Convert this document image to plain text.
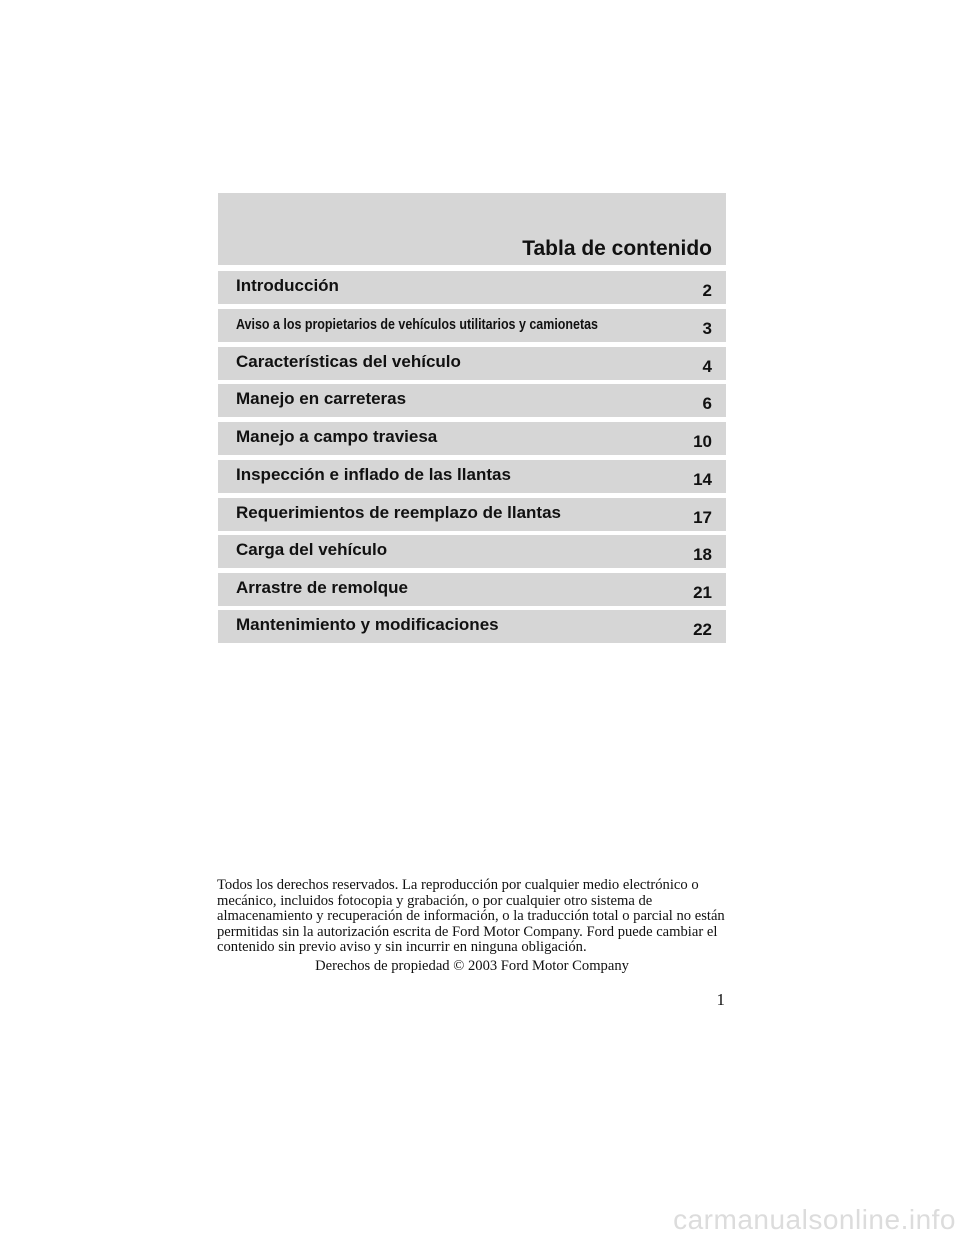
Tabla de contenido
Introducción	2
Aviso a los propietarios de vehículos utilitarios y camionetas	3
Características del vehículo	4
Manejo en carreteras	6
Manejo a campo traviesa	10
Inspección e inflado de las llantas	14
Requerimientos de reemplazo de llantas	17
Carga del vehículo	18
Arrastre de remolque	21
Mantenimiento y modificaciones	22
Todos los derechos reservados. La reproducción por cualquier medio electrónico o mecánico, incluidos fotocopia y grabación, o por cualquier otro sistema de almacenamiento y recuperación de información, o la traducción total o parcial no están permitidas sin la autorización escrita de Ford Motor Company. Ford puede cambiar el contenido sin previo aviso y sin incurrir en ninguna obligación.
Derechos de propiedad © 2003 Ford Motor Company
1
carmanualsonline.info
